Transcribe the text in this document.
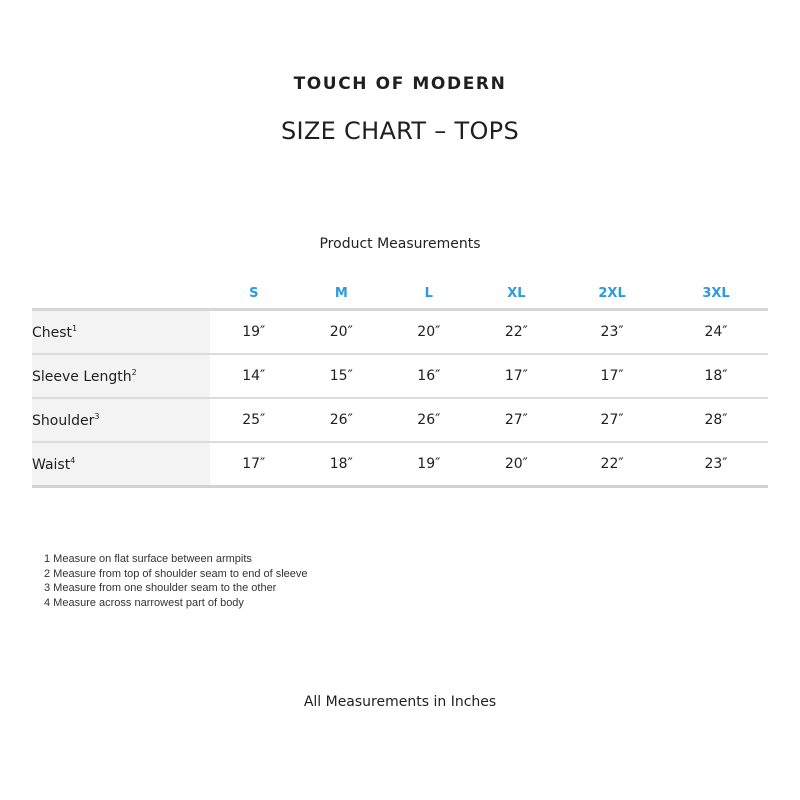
TOUCH OF MODERN
SIZE CHART – TOPS
Product Measurements
	S	M	L	XL	2XL	3XL
Chest$^1$	19″	20″	20″	22″	23″	24″
Sleeve Length$^2$	14″	15″	16″	17″	17″	18″
Shoulder$^3$	25″	26″	26″	27″	27″	28″
Waist$^4$	17″	18″	19″	20″	22″	23″
1 Measure on flat surface between armpits
2 Measure from top of shoulder seam to end of sleeve
3 Measure from one shoulder seam to the other
4 Measure across narrowest part of body
All Measurements in Inches
